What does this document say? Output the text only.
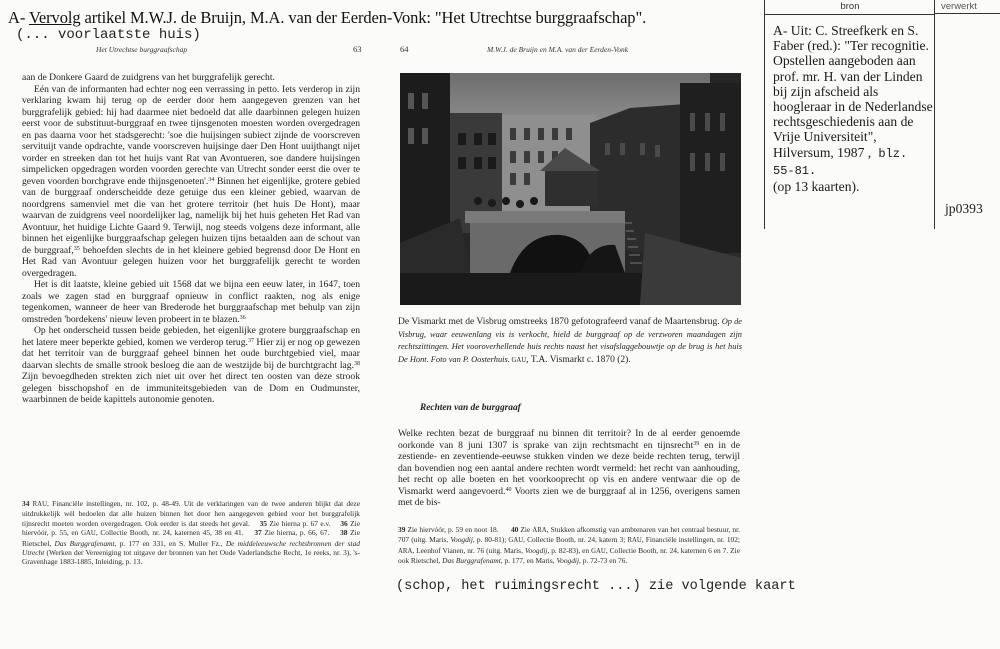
A- Vervolg artikel M.W.J. de Bruijn, M.A. van der Eerden-Vonk: "Het Utrechtse burggraafschap".
(... voorlaatste huis)
Het Utrechtse burggraafschap	63	64	M.W.J. de Bruijn en M.A. van der Eerden-Vonk

aan de Donkere Gaard de zuidgrens van het burggrafelijk gerecht.

Eén van de informanten had echter nog een verrassing in petto. Iets verderop in zijn verklaring kwam hij terug op de eerder door hem aangegeven grenzen van het burggrafelijk gebied: hij had daarmee niet bedoeld dat alle daarbinnen gelegen huizen eerst voor de substituut-burggraaf en twee tijnsgenoten moesten worden overgedragen en pas daarna voor het stadsgerecht: 'soe die huijsingen subiect zijnde de voorscreven servituijt vande opdrachte, vande voorscreven huijsinge daer Den Hont uuijthangt nijet vorder en streeken dan tot het huijs vant Rat van Avontueren, soe dandere huijsingen simpelicken opgedragen worden voorden gerechte van Utrecht sonder eerst die over te geven voorden borchgrave ende thijnsgenoeten'.$^{34}$ Binnen het eigenlijke, grotere gebied van de burggraaf onderscheidde deze getuige dus een kleiner gebied, waarvan de noordgrens samenviel met die van het grotere territoir (het huis De Hont), maar waarvan de zuidgrens veel noordelijker lag, namelijk bij het huis geheten Het Rad van Avontuur, het huidige Lichte Gaard 9. Terwijl, nog steeds volgens deze informant, alle binnen het eigenlijke burggraafschap gelegen huizen tijns betaalden aan de schout van de burggraaf,$^{35}$ behoefden slechts de in het kleinere gebied begrensd door De Hont en Het Rad van Avontuur gelegen huizen voor het burggrafelijk gerecht te worden overgedragen.

Het is dit laatste, kleine gebied uit 1568 dat we bijna een eeuw later, in 1647, toen zoals we zagen stad en burggraaf opnieuw in conflict raakten, nog als enige tegenkomen, wanneer de heer van Brederode het burggraafschap met behulp van zijn omstreden 'bordekens' nieuw leven probeert in te blazen.$^{36}$

Op het onderscheid tussen beide gebieden, het eigenlijke grotere burggraafschap en het latere meer beperkte gebied, komen we verderop terug.$^{37}$ Hier zij er nog op gewezen dat het territoir van de burggraaf geheel binnen het oude burchtgebied viel, maar daarvan slechts de smalle strook besloeg die aan de westzijde bij de burchtgracht lag.$^{38}$ Zijn bevoegdheden strekten zich niet uit over het direct ten oosten van deze strook gelegen bisschopshof en de immuniteitsgebieden van de Dom en Oudmunster, waarbinnen de beide kapittels autonomie genoten.

34 RAU, Financiële instellingen, nr. 102, p. 48-49. Uit de verklaringen van de twee anderen blijkt dat deze uitdrukkelijk wèl bedoelen dat alle huizen binnen het door hen aangegeven gebied voor het burggrafelijk tijnsrecht moeten worden overgedragen. Ook eerder is dat steeds het geval. 35 Zie hierna p. 67 e.v. 36 Zie hiervóór, p. 55, en GAU, Collectie Booth, nr. 24, katernen 45, 38 en 41. 37 Zie hierna, p. 66, 67. 38 Zie Rietschel, Das Burggrafenamt, p. 177 en 331, en S. Muller Fz., De middeleeuwsche rechtsbronnen der stad Utrecht (Werken der Vereeniging tot uitgave der bronnen van het Oude Vaderlandsche Recht, 1e reeks, nr. 3), 's-Gravenhage 1883-1885, Inleiding, p. 13.
De Vismarkt met de Visbrug omstreeks 1870 gefotografeerd vanaf de Maartensbrug. Op de Visbrug, waar eeuwenlang vis is verkocht, hield de burggraaf op de verzworen maandagen zijn rechtszittingen. Het vooroverhellende huis rechts naast het visafslaggebouwtje op de brug is het huis De Hont. Foto van P. Oosterhuis. GAU, T.A. Vismarkt c. 1870 (2).
Rechten van de burggraaf

Welke rechten bezat de burggraaf nu binnen dit territoir? In de al eerder genoemde oorkonde van 8 juni 1307 is sprake van zijn rechtsmacht en tijnsrecht$^{39}$ en in de zestiende- en zeventiende-eeuwse stukken vinden we deze beide rechten terug, terwijl dan bovendien nog een aantal andere rechten wordt vermeld: het recht van aanhouding, het recht op alle boeten en het voorkooprecht op vis en andere ventwaar die op de Vismarkt werd aangevoerd.$^{40}$ Voorts zien we de burggraaf al in 1256, overigens samen met de bis-

39 Zie hiervóór, p. 59 en noot 18. 40 Zie ARA, Stukken afkomstig van ambtenaren van het centraal bestuur, nr. 707 (uitg. Maris, Voogdij, p. 80-81); GAU, Collectie Booth, nr. 24, katern 3; RAU, Financiële instellingen, nr. 102; ARA, Leenhof Vianen, nr. 76 (uitg. Maris, Voogdij, p. 82-83), en GAU, Collectie Booth, nr. 24, katernen 6 en 7. Zie ook Rietschel, Das Burggrafenamt, p. 177, en Maris, Voogdij, p. 72-73 en 76.
(schop, het ruimingsrecht ...) zie volgende kaart
bron	verwerkt
A- Uit: C. Streefkerk en S. Faber (red.): "Ter recognitie. Opstellen aangeboden aan prof. mr. H. van der Linden bij zijn afscheid als hoogleraar in de Nederlandse rechtsgeschiedenis aan de Vrije Universiteit", Hilversum, 1987 , blz. 55-81.
(op 13 kaarten).
jp0393
